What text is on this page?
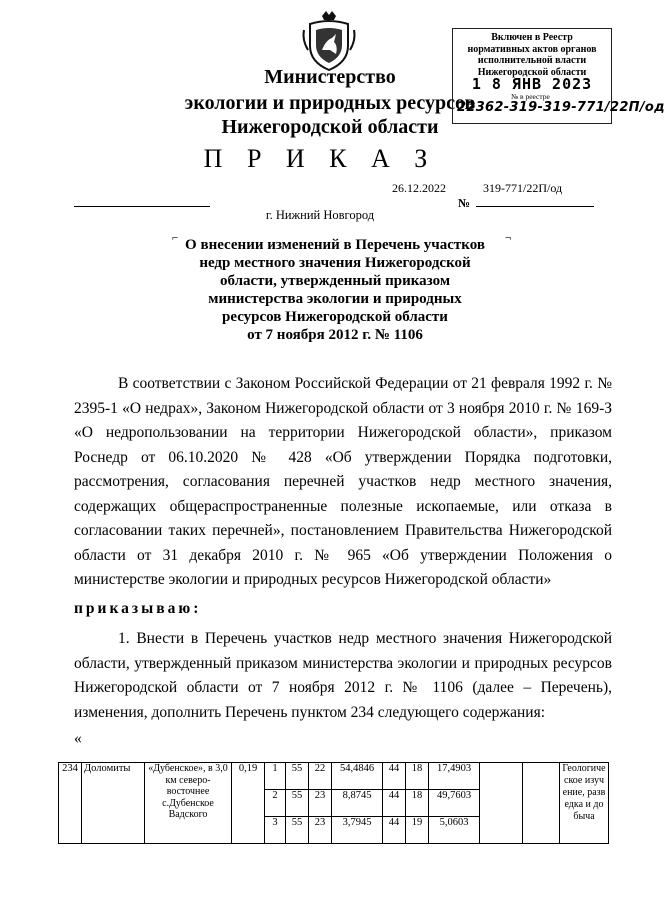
Министерство
экологии и природных ресурсов
Нижегородской области
Включен в Реестр
нормативных актов органов
исполнительной власти
Нижегородской области
1 8 ЯНВ 2023
№ в реестре
22362-319-319-771/22П/од
П Р И К А З
26.12.2022	319-771/22П/од
№
г. Нижний Новгород
⌐	¬
О внесении изменений в Перечень участков
недр местного значения Нижегородской
области, утвержденный приказом
министерства экологии и природных
ресурсов Нижегородской области
от 7 ноября 2012 г. № 1106

В соответствии с Законом Российской Федерации от 21 февраля 1992 г. № 2395-1 «О недрах», Законом Нижегородской области от 3 ноября 2010 г. № 169-З «О недропользовании на территории Нижегородской области», приказом Роснедр от 06.10.2020 № 428 «Об утверждении Порядка подготовки, рассмотрения, согласования перечней участков недр местного значения, содержащих общераспространенные полезные ископаемые, или отказа в согласовании таких перечней», постановлением Правительства Нижегородской области от 31 декабря 2010 г. № 965 «Об утверждении Положения о министерстве экологии и природных ресурсов Нижегородской области»

приказываю:

1. Внести в Перечень участков недр местного значения Нижегородской области, утвержденный приказом министерства экологии и природных ресурсов Нижегородской области от 7 ноября 2012 г. № 1106 (далее – Перечень), изменения, дополнить Перечень пунктом 234 следующего содержания:

«

234	Доломиты	«Дубенское», в 3,0 км северо-восточнее с.Дубенское Вадского	0,19	1	55	22	54,4846	44	18	17,4903			Геологическое изучение, разведка и добыча
				2	55	23	8,8745	44	18	49,7603			
				3	55	23	3,7945	44	19	5,0603			
